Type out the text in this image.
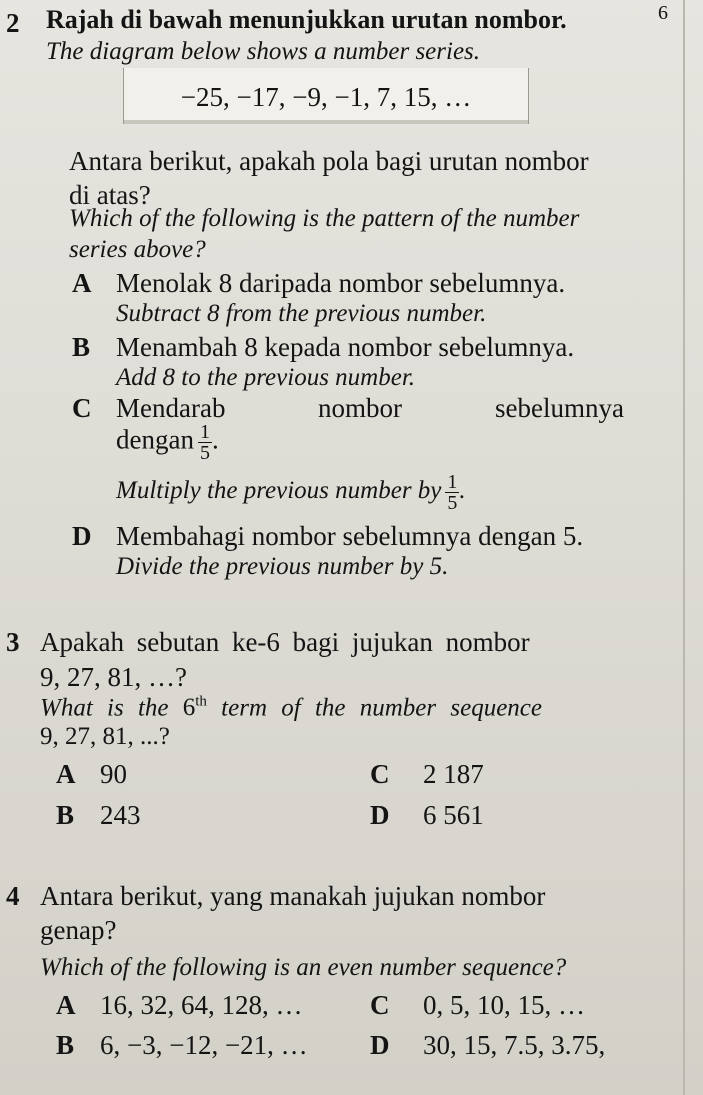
6
2 Rajah di bawah menunjukkan urutan nombor.
The diagram below shows a number series.
−25, −17, −9, −1, 7, 15, …
Antara berikut, apakah pola bagi urutan nombor
di atas?
Which of the following is the pattern of the number
series above?
A Menolak 8 daripada nombor sebelumnya.
Subtract 8 from the previous number.
B Menambah 8 kepada nombor sebelumnya.
Add 8 to the previous number.
C Mendarab	nombor	sebelumnya
dengan $\frac{1}{5}$ .
Multiply the previous number by $\frac{1}{5}$ .
D Membahagi nombor sebelumnya dengan 5.
Divide the previous number by 5.
3 Apakah sebutan ke-6 bagi jujukan nombor
9, 27, 81, …?
What is the 6th term of the number sequence
9, 27, 81, ...?
A 90	C 2 187
B 243	D 6 561
4 Antara berikut, yang manakah jujukan nombor
genap?
Which of the following is an even number sequence?
A 16, 32, 64, 128, …	C 0, 5, 10, 15, …
B 6, −3, −12, −21, … D 30, 15, 7.5, 3.75,
